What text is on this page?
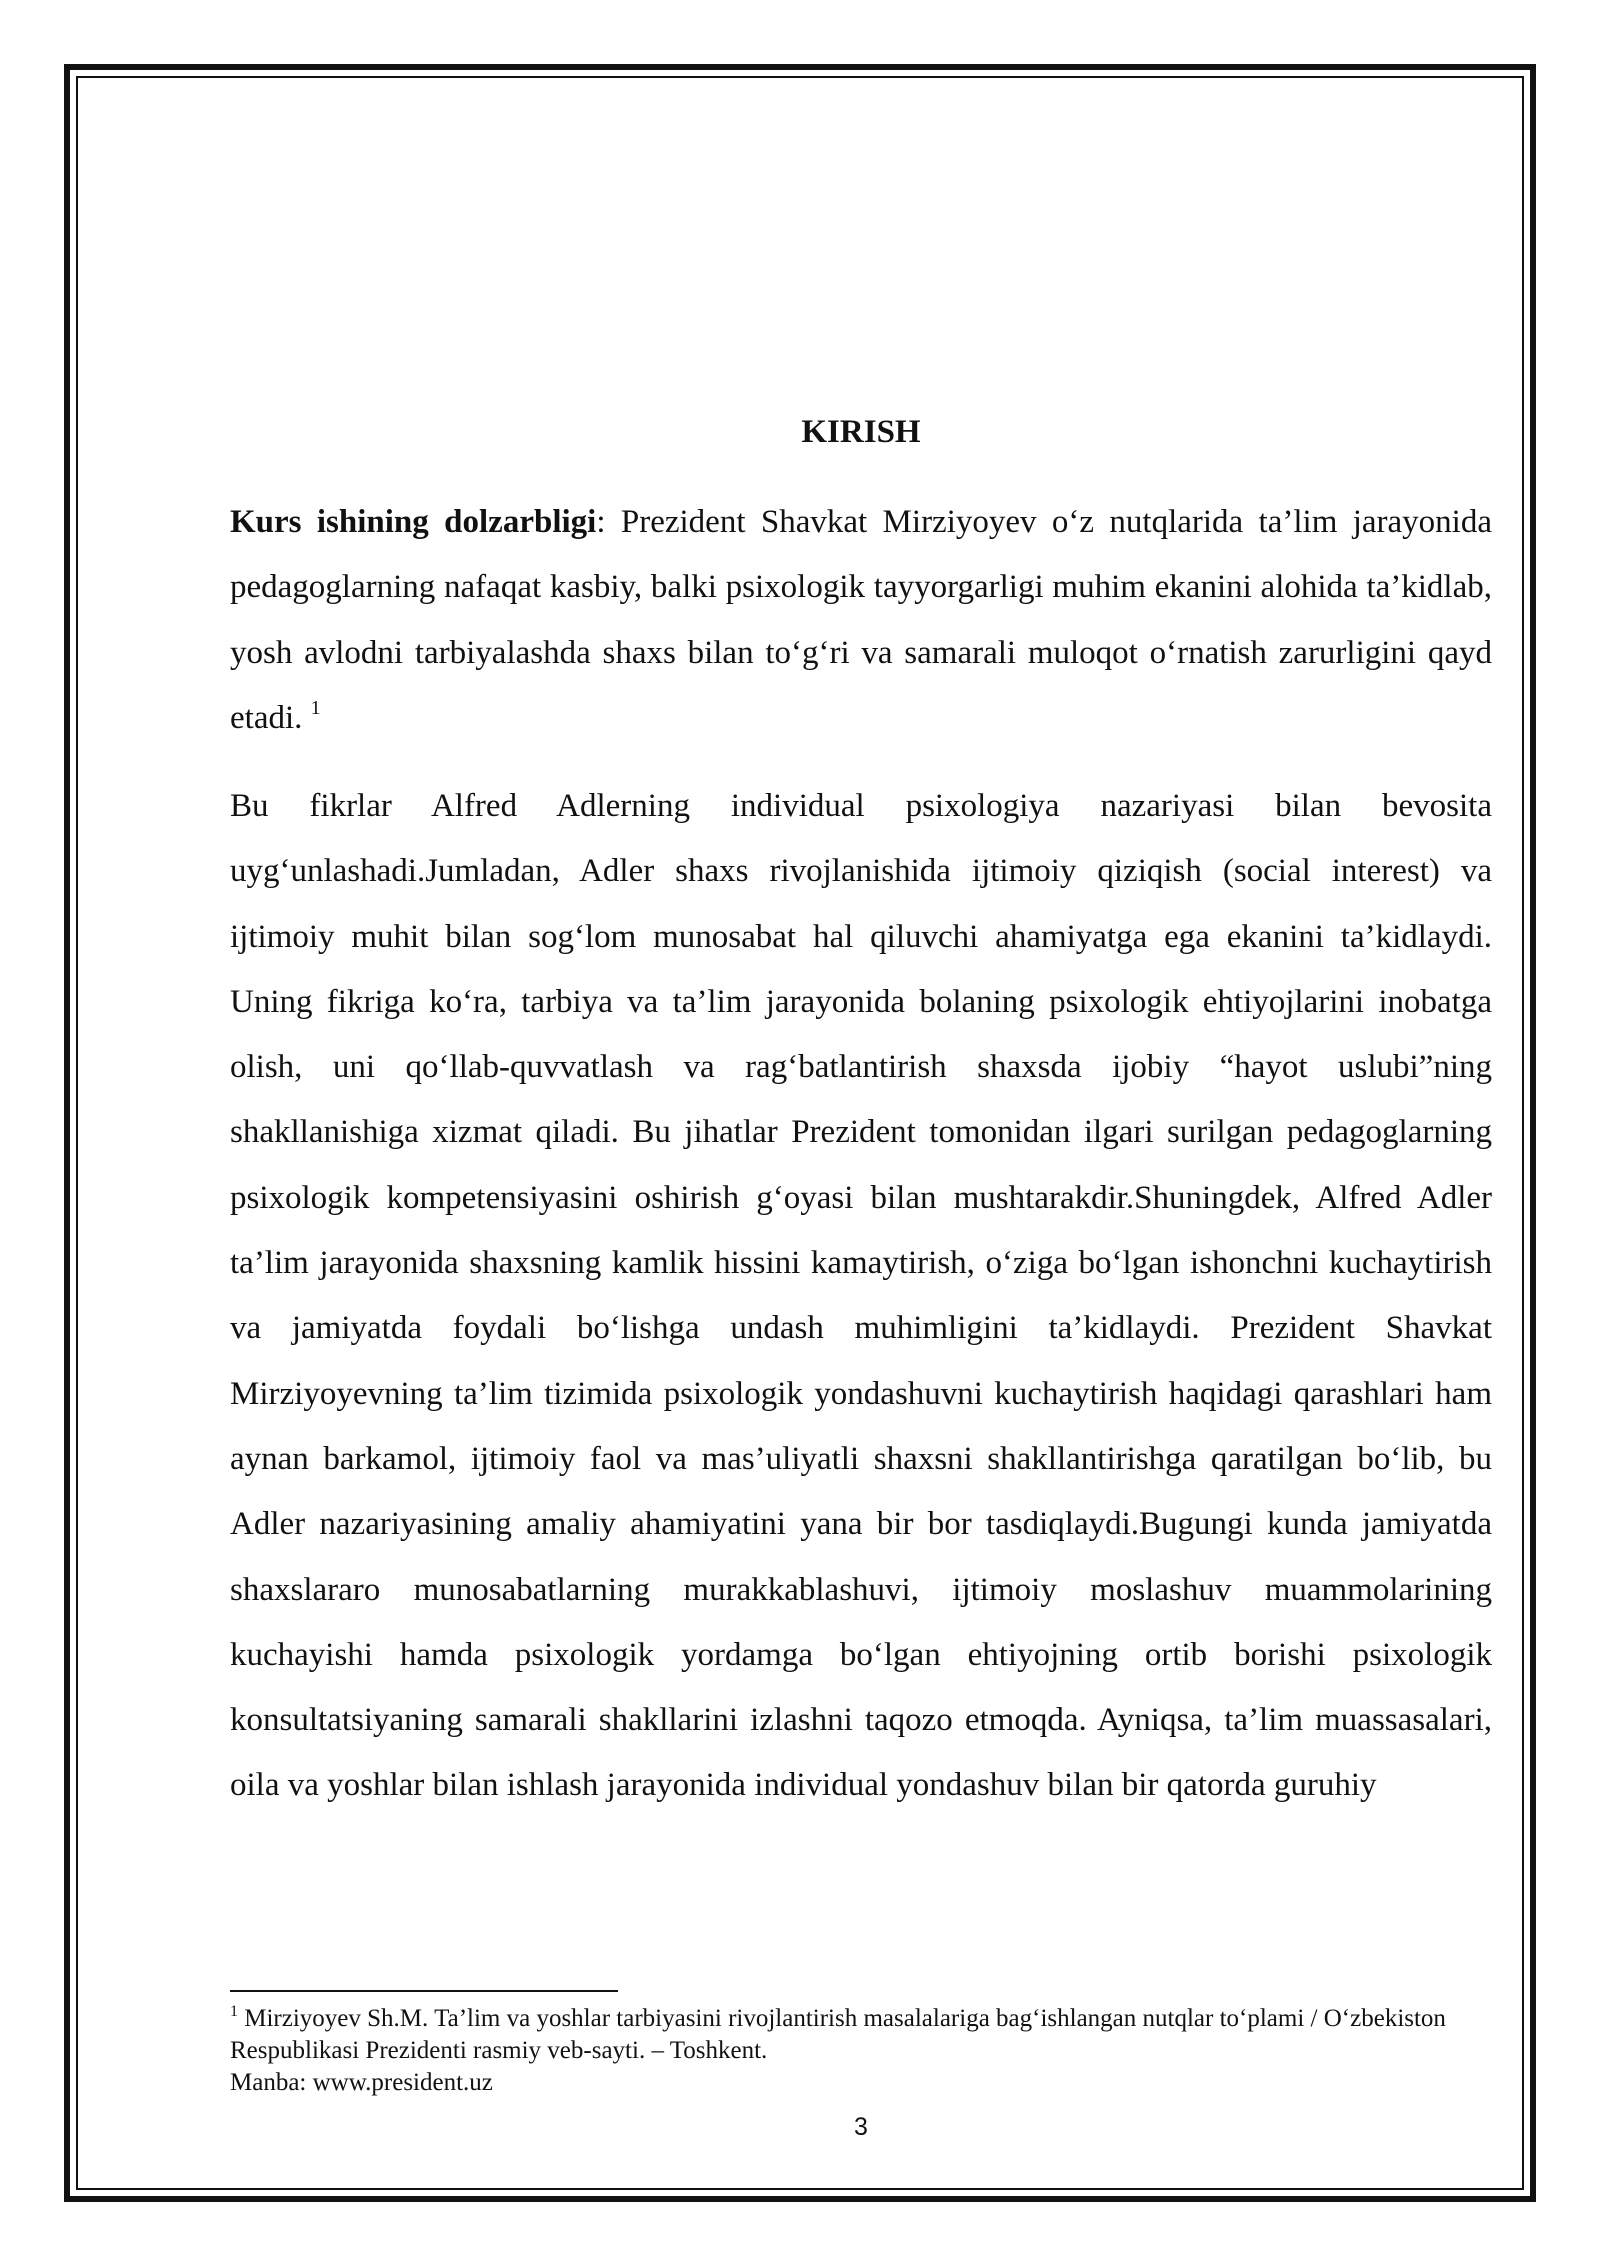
KIRISH

Kurs ishining dolzarbligi: Prezident Shavkat Mirziyoyev o‘z nutqlarida ta’lim jarayonida pedagoglarning nafaqat kasbiy, balki psixologik tayyorgarligi muhim ekanini alohida ta’kidlab, yosh avlodni tarbiyalashda shaxs bilan to‘g‘ri va samarali muloqot o‘rnatish zarurligini qayd etadi. $^1$

Bu fikrlar Alfred Adlerning individual psixologiya nazariyasi bilan bevosita uyg‘unlashadi.Jumladan, Adler shaxs rivojlanishida ijtimoiy qiziqish (social interest) va ijtimoiy muhit bilan sog‘lom munosabat hal qiluvchi ahamiyatga ega ekanini ta’kidlaydi. Uning fikriga ko‘ra, tarbiya va ta’lim jarayonida bolaning psixologik ehtiyojlarini inobatga olish, uni qo‘llab-quvvatlash va rag‘batlantirish shaxsda ijobiy “hayot uslubi”ning shakllanishiga xizmat qiladi. Bu jihatlar Prezident tomonidan ilgari surilgan pedagoglarning psixologik kompetensiyasini oshirish g‘oyasi bilan mushtarakdir.Shuningdek, Alfred Adler ta’lim jarayonida shaxsning kamlik hissini kamaytirish, o‘ziga bo‘lgan ishonchni kuchaytirish va jamiyatda foydali bo‘lishga undash muhimligini ta’kidlaydi. Prezident Shavkat Mirziyoyevning ta’lim tizimida psixologik yondashuvni kuchaytirish haqidagi qarashlari ham aynan barkamol, ijtimoiy faol va mas’uliyatli shaxsni shakllantirishga qaratilgan bo‘lib, bu Adler nazariyasining amaliy ahamiyatini yana bir bor tasdiqlaydi.Bugungi kunda jamiyatda shaxslararo munosabatlarning murakkablashuvi, ijtimoiy moslashuv muammolarining kuchayishi hamda psixologik yordamga bo‘lgan ehtiyojning ortib borishi psixologik konsultatsiyaning samarali shakllarini izlashni taqozo etmoqda. Ayniqsa, ta’lim muassasalari, oila va yoshlar bilan ishlash jarayonida individual yondashuv bilan bir qatorda guruhiy

$^1$ Mirziyoyev Sh.M. Ta’lim va yoshlar tarbiyasini rivojlantirish masalalariga bag‘ishlangan nutqlar to‘plami / O‘zbekiston Respublikasi Prezidenti rasmiy veb-sayti. – Toshkent.
Manba: www.president.uz

3
